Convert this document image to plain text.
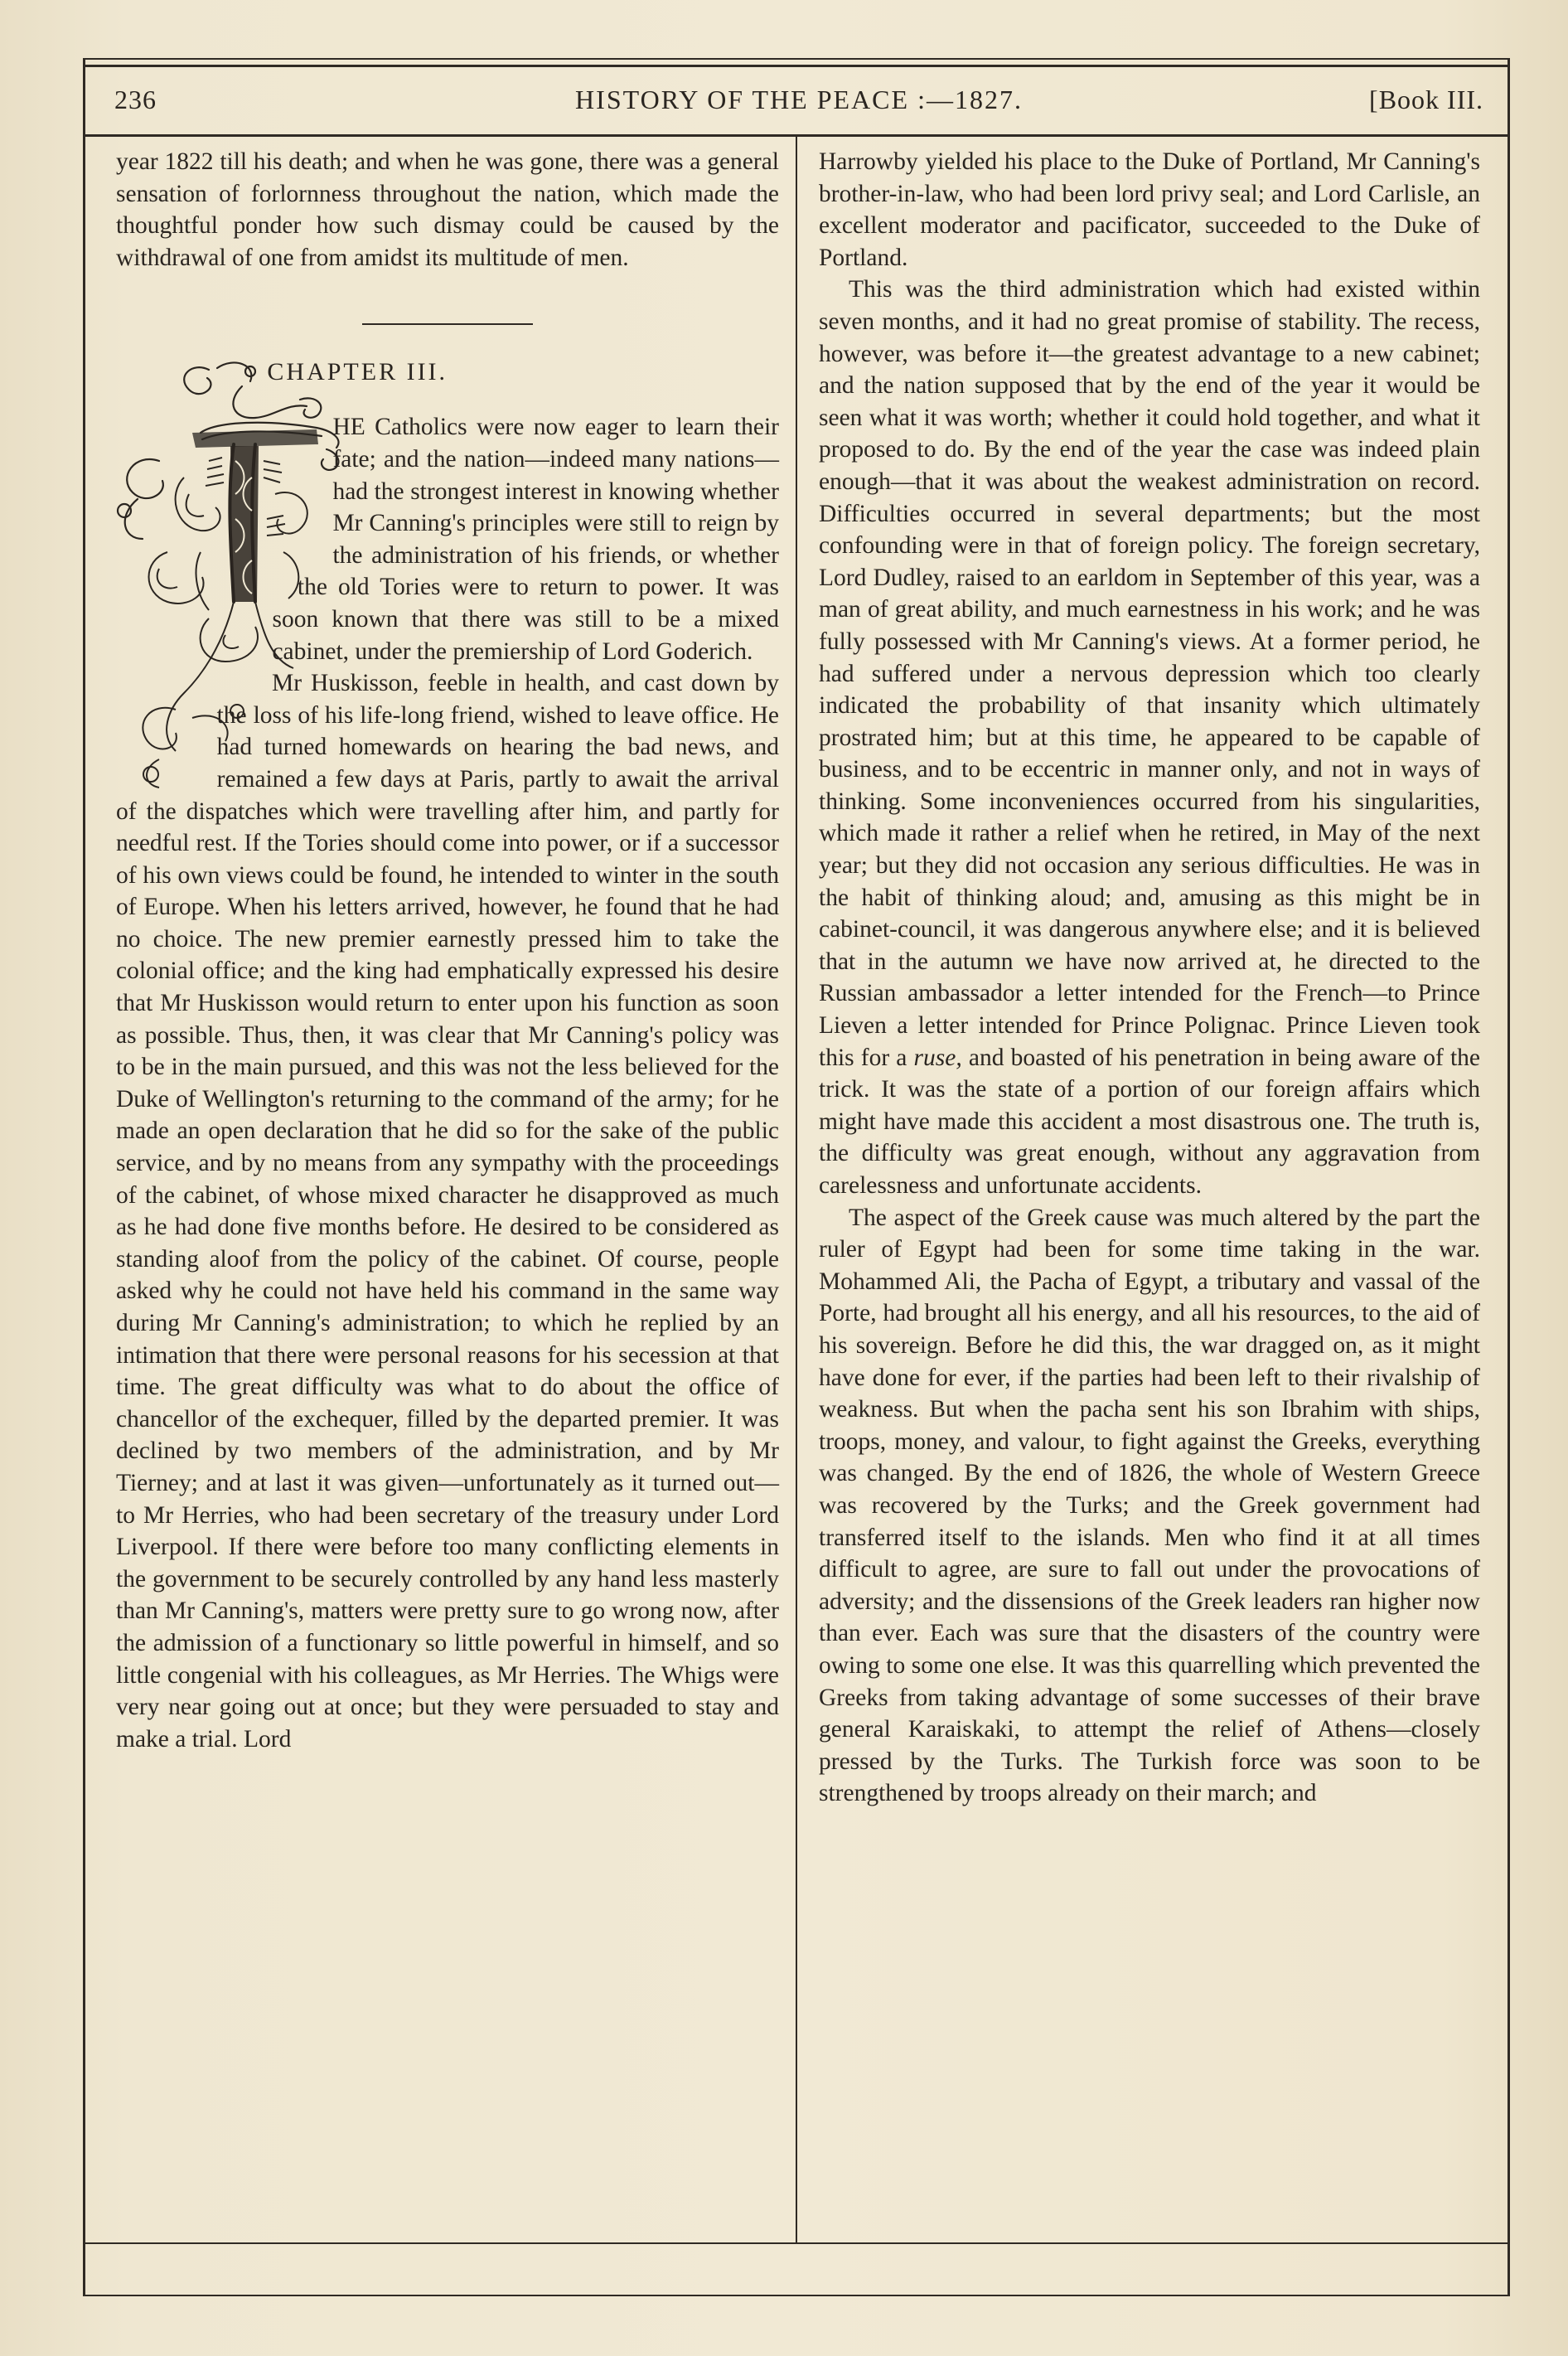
236	HISTORY OF THE PEACE :—1827.	[Book III.

year 1822 till his death; and when he was gone, there was a general sensation of forlornness throughout the nation, which made the thoughtful ponder how such dismay could be caused by the withdrawal of one from amidst its multitude of men.

CHAPTER III.

HE Catholics were now eager to learn their fate; and the nation—indeed many nations—had the strongest interest in knowing whether Mr Canning's principles were still to reign by the administration of his friends, or whether the old Tories were to return to power. It was soon known that there was still to be a mixed cabinet, under the premiership of Lord Goderich.

Mr Huskisson, feeble in health, and cast down by the loss of his life-long friend, wished to leave office. He had turned homewards on hearing the bad news, and remained a few days at Paris, partly to await the arrival of the dispatches which were travelling after him, and partly for needful rest. If the Tories should come into power, or if a successor of his own views could be found, he intended to winter in the south of Europe. When his letters arrived, however, he found that he had no choice. The new premier earnestly pressed him to take the colonial office; and the king had emphatically expressed his desire that Mr Huskisson would return to enter upon his function as soon as possible. Thus, then, it was clear that Mr Canning's policy was to be in the main pursued, and this was not the less believed for the Duke of Wellington's returning to the command of the army; for he made an open declaration that he did so for the sake of the public service, and by no means from any sympathy with the proceedings of the cabinet, of whose mixed character he disapproved as much as he had done five months before. He desired to be considered as standing aloof from the policy of the cabinet. Of course, people asked why he could not have held his command in the same way during Mr Canning's administration; to which he replied by an intimation that there were personal reasons for his secession at that time. The great difficulty was what to do about the office of chancellor of the exchequer, filled by the departed premier. It was declined by two members of the administration, and by Mr Tierney; and at last it was given—unfortunately as it turned out—to Mr Herries, who had been secretary of the treasury under Lord Liverpool. If there were before too many conflicting elements in the government to be securely controlled by any hand less masterly than Mr Canning's, matters were pretty sure to go wrong now, after the admission of a functionary so little powerful in himself, and so little congenial with his colleagues, as Mr Herries. The Whigs were very near going out at once; but they were persuaded to stay and make a trial. Lord

Harrowby yielded his place to the Duke of Portland, Mr Canning's brother-in-law, who had been lord privy seal; and Lord Carlisle, an excellent moderator and pacificator, succeeded to the Duke of Portland.

This was the third administration which had existed within seven months, and it had no great promise of stability. The recess, however, was before it—the greatest advantage to a new cabinet; and the nation supposed that by the end of the year it would be seen what it was worth; whether it could hold together, and what it proposed to do. By the end of the year the case was indeed plain enough—that it was about the weakest administration on record. Difficulties occurred in several departments; but the most confounding were in that of foreign policy. The foreign secretary, Lord Dudley, raised to an earldom in September of this year, was a man of great ability, and much earnestness in his work; and he was fully possessed with Mr Canning's views. At a former period, he had suffered under a nervous depression which too clearly indicated the probability of that insanity which ultimately prostrated him; but at this time, he appeared to be capable of business, and to be eccentric in manner only, and not in ways of thinking. Some inconveniences occurred from his singularities, which made it rather a relief when he retired, in May of the next year; but they did not occasion any serious difficulties. He was in the habit of thinking aloud; and, amusing as this might be in cabinet-council, it was dangerous anywhere else; and it is believed that in the autumn we have now arrived at, he directed to the Russian ambassador a letter intended for the French—to Prince Lieven a letter intended for Prince Polignac. Prince Lieven took this for a ruse, and boasted of his penetration in being aware of the trick. It was the state of a portion of our foreign affairs which might have made this accident a most disastrous one. The truth is, the difficulty was great enough, without any aggravation from carelessness and unfortunate accidents.

The aspect of the Greek cause was much altered by the part the ruler of Egypt had been for some time taking in the war. Mohammed Ali, the Pacha of Egypt, a tributary and vassal of the Porte, had brought all his energy, and all his resources, to the aid of his sovereign. Before he did this, the war dragged on, as it might have done for ever, if the parties had been left to their rivalship of weakness. But when the pacha sent his son Ibrahim with ships, troops, money, and valour, to fight against the Greeks, everything was changed. By the end of 1826, the whole of Western Greece was recovered by the Turks; and the Greek government had transferred itself to the islands. Men who find it at all times difficult to agree, are sure to fall out under the provocations of adversity; and the dissensions of the Greek leaders ran higher now than ever. Each was sure that the disasters of the country were owing to some one else. It was this quarrelling which prevented the Greeks from taking advantage of some successes of their brave general Karaiskaki, to attempt the relief of Athens—closely pressed by the Turks. The Turkish force was soon to be strengthened by troops already on their march; and
